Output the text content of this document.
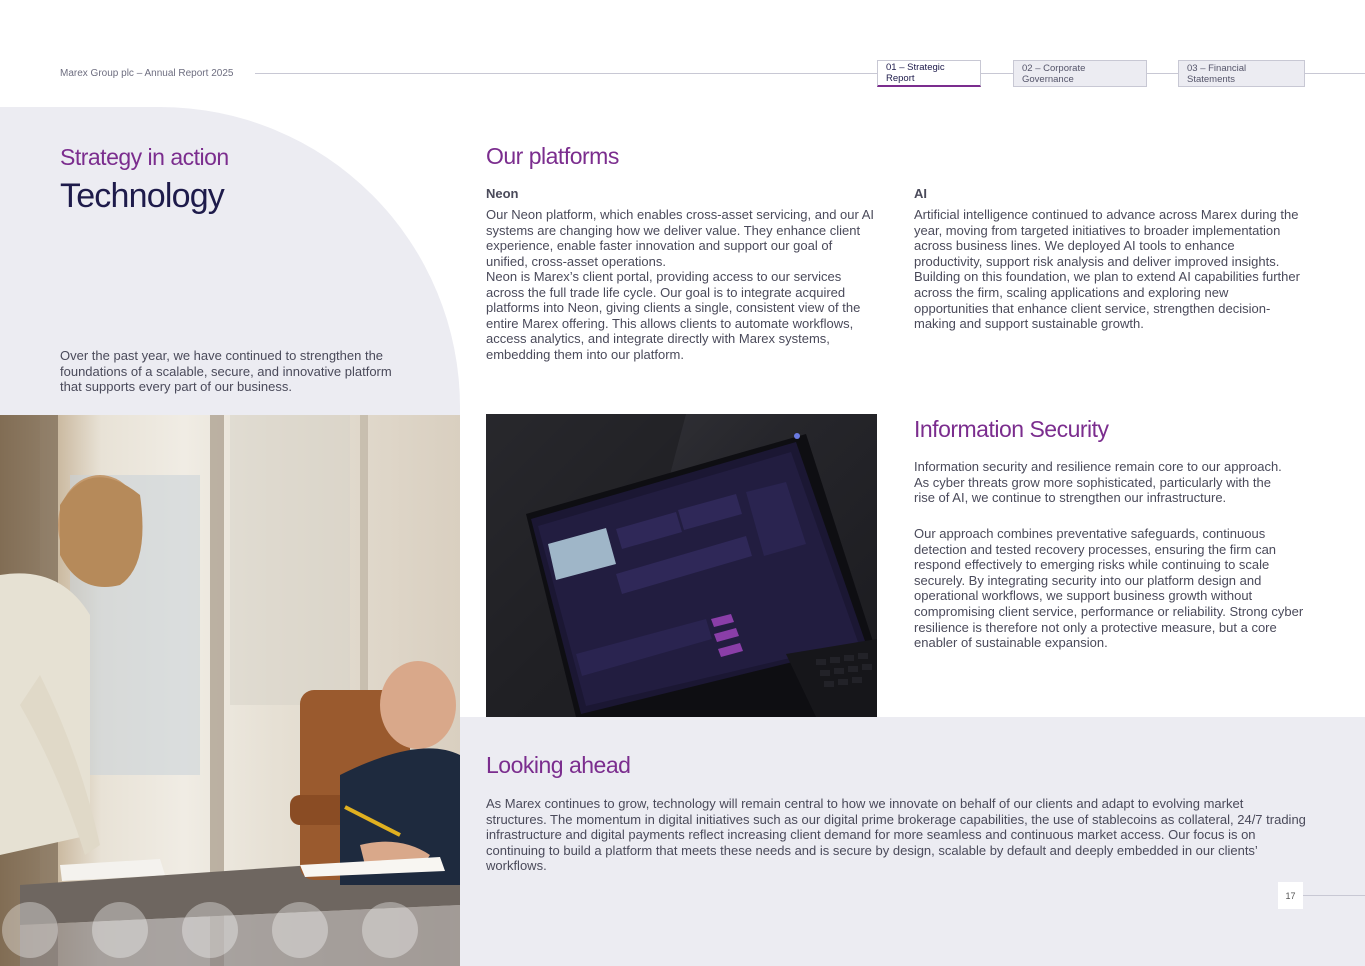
Marex Group plc – Annual Report 2025
01 – Strategic Report
02 – Corporate Governance
03 – Financial Statements
Strategy in action
Technology
Over the past year, we have continued to strengthen the foundations of a scalable, secure, and innovative platform that supports every part of our business.
Our platforms
Neon
Our Neon platform, which enables cross-asset servicing, and our AI systems are changing how we deliver value. They enhance client experience, enable faster innovation and support our goal of unified, cross-asset operations.
Neon is Marex’s client portal, providing access to our services across the full trade life cycle. Our goal is to integrate acquired platforms into Neon, giving clients a single, consistent view of the entire Marex offering. This allows clients to automate workflows, access analytics, and integrate directly with Marex systems, embedding them into our platform.
AI
Artificial intelligence continued to advance across Marex during the year, moving from targeted initiatives to broader implementation across business lines. We deployed AI tools to enhance productivity, support risk analysis and deliver improved insights. Building on this foundation, we plan to extend AI capabilities further across the firm, scaling applications and exploring new opportunities that enhance client service, strengthen decision-making and support sustainable growth.
Information Security
Information security and resilience remain core to our approach. As cyber threats grow more sophisticated, particularly with the rise of AI, we continue to strengthen our infrastructure.
Our approach combines preventative safeguards, continuous detection and tested recovery processes, ensuring the firm can respond effectively to emerging risks while continuing to scale securely. By integrating security into our platform design and operational workflows, we support business growth without compromising client service, performance or reliability. Strong cyber resilience is therefore not only a protective measure, but a core enabler of sustainable expansion.
Looking ahead
As Marex continues to grow, technology will remain central to how we innovate on behalf of our clients and adapt to evolving market structures. The momentum in digital initiatives such as our digital prime brokerage capabilities, the use of stablecoins as collateral, 24/7 trading infrastructure and digital payments reflect increasing client demand for more seamless and continuous market access. Our focus is on continuing to build a platform that meets these needs and is secure by design, scalable by default and deeply embedded in our clients’ workflows.
17
